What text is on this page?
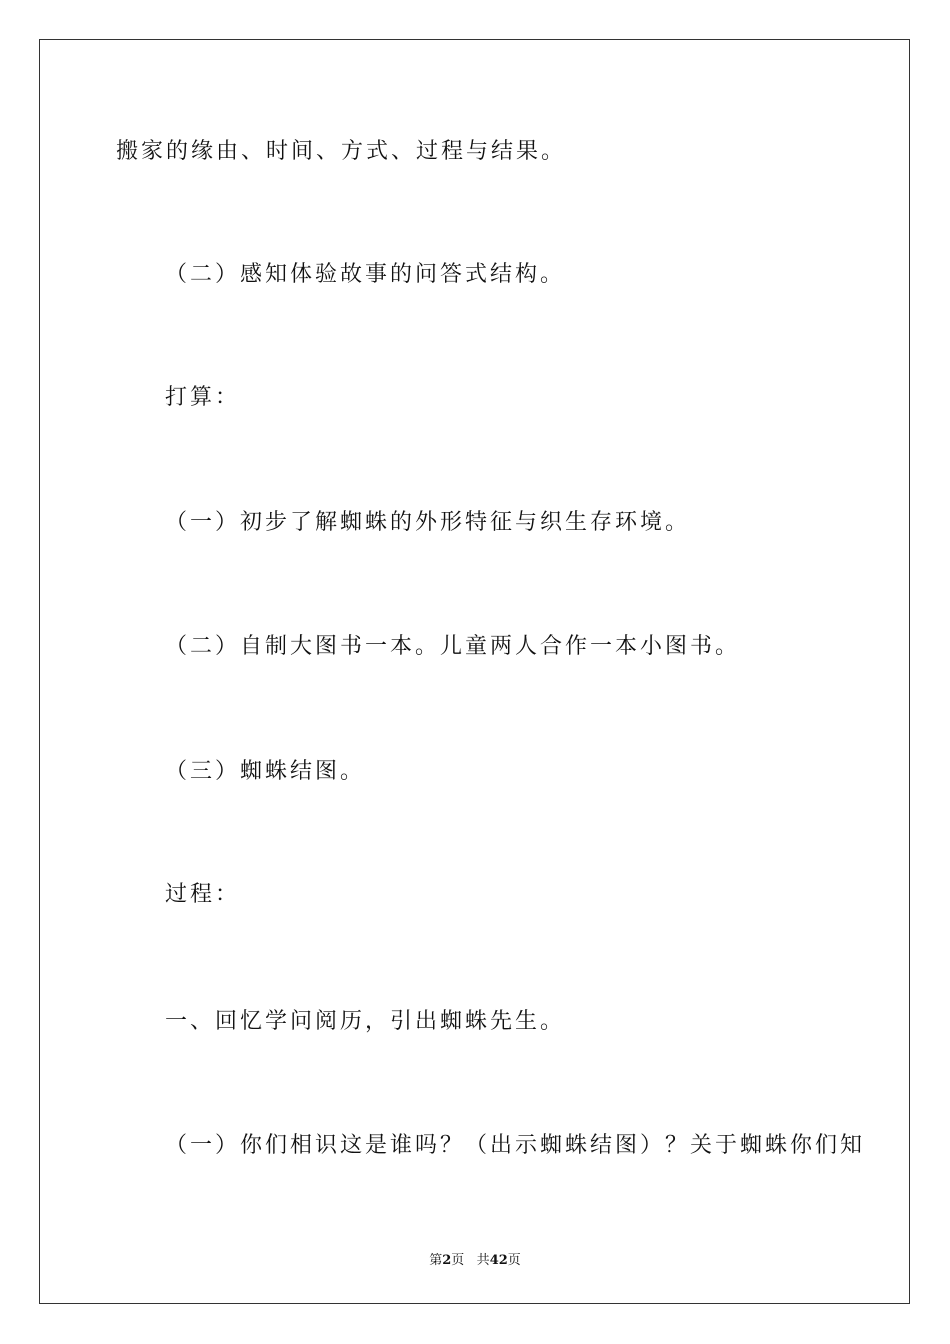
搬家的缘由、时间、方式、过程与结果。
（二）感知体验故事的问答式结构。
打算：
（一）初步了解蜘蛛的外形特征与织生存环境。
（二）自制大图书一本。儿童两人合作一本小图书。
（三）蜘蛛结图。
过程：
一、回忆学问阅历，引出蜘蛛先生。
（一）你们相识这是谁吗？（出示蜘蛛结图）？关于蜘蛛你们知
第2页 共42页
